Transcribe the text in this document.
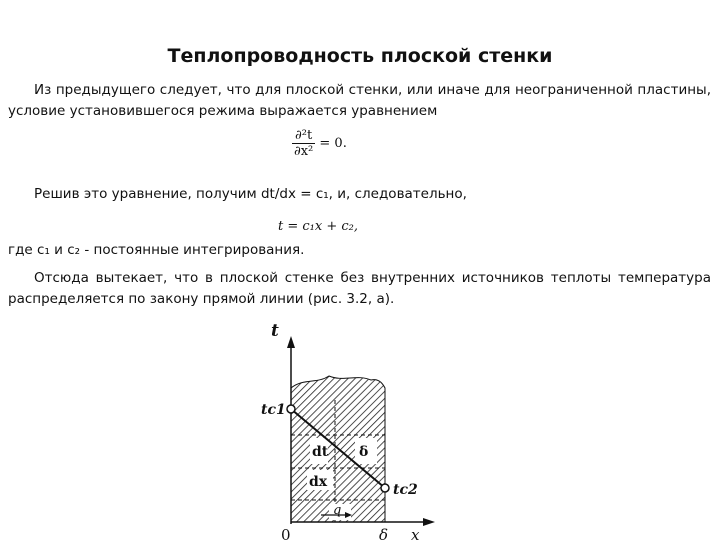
Теплопроводность плоской стенки
Из предыдущего следует, что для плоской стенки, или иначе для неограниченной пластины, условие установившегося режима выражается уравнением
$\frac{\text{∂²t}}{\text{∂x²}} = 0$.
Решив это уравнение, получим dt/dx = c₁, и, следовательно,
t = c₁x + c₂,
где c₁ и c₂ - постоянные интегрирования.
Отсюда вытекает, что в плоской стенке без внутренних источников теплоты температура распределяется по закону прямой линии (рис. 3.2, а).
t
tc1
tc2
dt
dx
δ
q
0	δ x
